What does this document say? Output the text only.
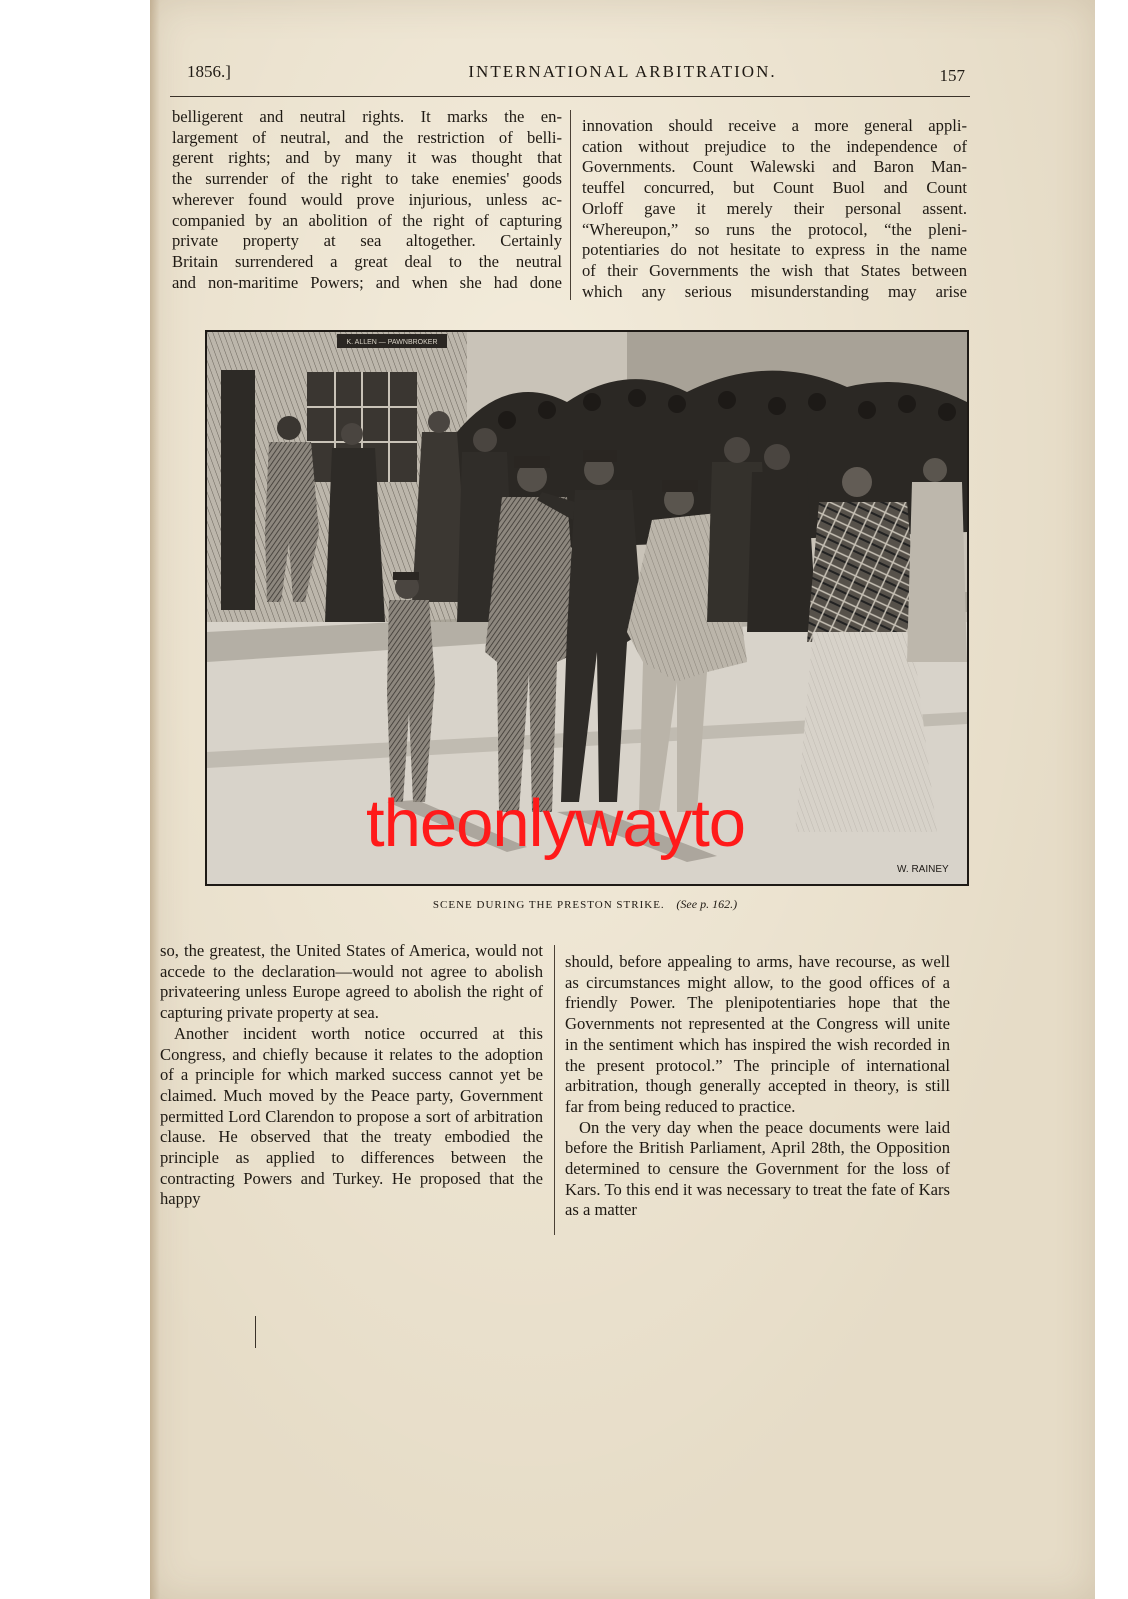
1856.]	INTERNATIONAL ARBITRATION.	157
belligerent and neutral rights. It marks the en-
largement of neutral, and the restriction of belli-
gerent rights; and by many it was thought that
the surrender of the right to take enemies' goods
wherever found would prove injurious, unless ac-
companied by an abolition of the right of capturing
private property at sea altogether. Certainly
Britain surrendered a great deal to the neutral
and non-maritime Powers; and when she had done
innovation should receive a more general appli-
cation without prejudice to the independence of
Governments. Count Walewski and Baron Man-
teuffel concurred, but Count Buol and Count
Orloff gave it merely their personal assent.
“Whereupon,” so runs the protocol, “the pleni-
potentiaries do not hesitate to express in the name
of their Governments the wish that States between
which any serious misunderstanding may arise
K. ALLEN — PAWNBROKER
W. RAINEY
SCENE DURING THE PRESTON STRIKE. (See p. 162.)
theonlywayto

so, the greatest, the United States of America, would not accede to the declaration—would not agree to abolish privateering unless Europe agreed to abolish the right of capturing private property at sea.

Another incident worth notice occurred at this Congress, and chiefly because it relates to the adoption of a principle for which marked success cannot yet be claimed. Much moved by the Peace party, Government permitted Lord Clarendon to propose a sort of arbitration clause. He observed that the treaty embodied the principle as applied to differences between the contracting Powers and Turkey. He proposed that the happy

should, before appealing to arms, have recourse, as well as circumstances might allow, to the good offices of a friendly Power. The plenipotentiaries hope that the Governments not represented at the Congress will unite in the sentiment which has inspired the wish recorded in the present protocol.” The principle of international arbitration, though generally accepted in theory, is still far from being reduced to practice.

On the very day when the peace documents were laid before the British Parliament, April 28th, the Opposition determined to censure the Government for the loss of Kars. To this end it was necessary to treat the fate of Kars as a matter
